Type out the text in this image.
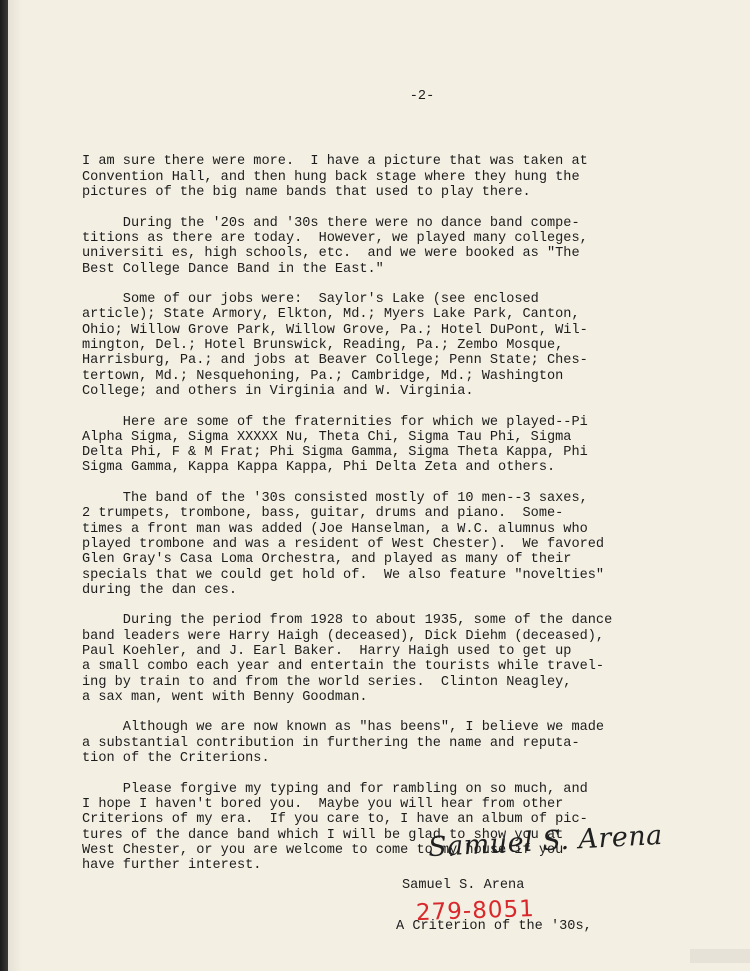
-2-

I am sure there were more.  I have a picture that was taken at
Convention Hall, and then hung back stage where they hung the
pictures of the big name bands that used to play there.
During the '20s and '30s there were no dance band compe-
titions as there are today.  However, we played many colleges,
universiti es, high schools, etc.  and we were booked as "The
Best College Dance Band in the East."
Some of our jobs were:  Saylor's Lake (see enclosed
article); State Armory, Elkton, Md.; Myers Lake Park, Canton,
Ohio; Willow Grove Park, Willow Grove, Pa.; Hotel DuPont, Wil-
mington, Del.; Hotel Brunswick, Reading, Pa.; Zembo Mosque,
Harrisburg, Pa.; and jobs at Beaver College; Penn State; Ches-
tertown, Md.; Nesquehoning, Pa.; Cambridge, Md.; Washington
College; and others in Virginia and W. Virginia.
Here are some of the fraternities for which we played--Pi
Alpha Sigma, Sigma XXXXX Nu, Theta Chi, Sigma Tau Phi, Sigma
Delta Phi, F & M Frat; Phi Sigma Gamma, Sigma Theta Kappa, Phi
Sigma Gamma, Kappa Kappa Kappa, Phi Delta Zeta and others.
The band of the '30s consisted mostly of 10 men--3 saxes,
2 trumpets, trombone, bass, guitar, drums and piano.  Some-
times a front man was added (Joe Hanselman, a W.C. alumnus who
played trombone and was a resident of West Chester).  We favored
Glen Gray's Casa Loma Orchestra, and played as many of their
specials that we could get hold of.  We also feature "novelties"
during the dan ces.
During the period from 1928 to about 1935, some of the dance
band leaders were Harry Haigh (deceased), Dick Diehm (deceased),
Paul Koehler, and J. Earl Baker.  Harry Haigh used to get up
a small combo each year and entertain the tourists while travel-
ing by train to and from the world series.  Clinton Neagley,
a sax man, went with Benny Goodman.
Although we are now known as "has beens", I believe we made
a substantial contribution in furthering the name and reputa-
tion of the Criterions.
Please forgive my typing and for rambling on so much, and
I hope I haven't bored you.  Maybe you will hear from other
Criterions of my era.  If you care to, I have an album of pic-
tures of the dance band which I will be glad to show you at
West Chester, or you are welcome to come to my house if you
have further interest.

A Criterion of the '30s,

Samuel S. Arena
Samuel S. Arena
279-8051
